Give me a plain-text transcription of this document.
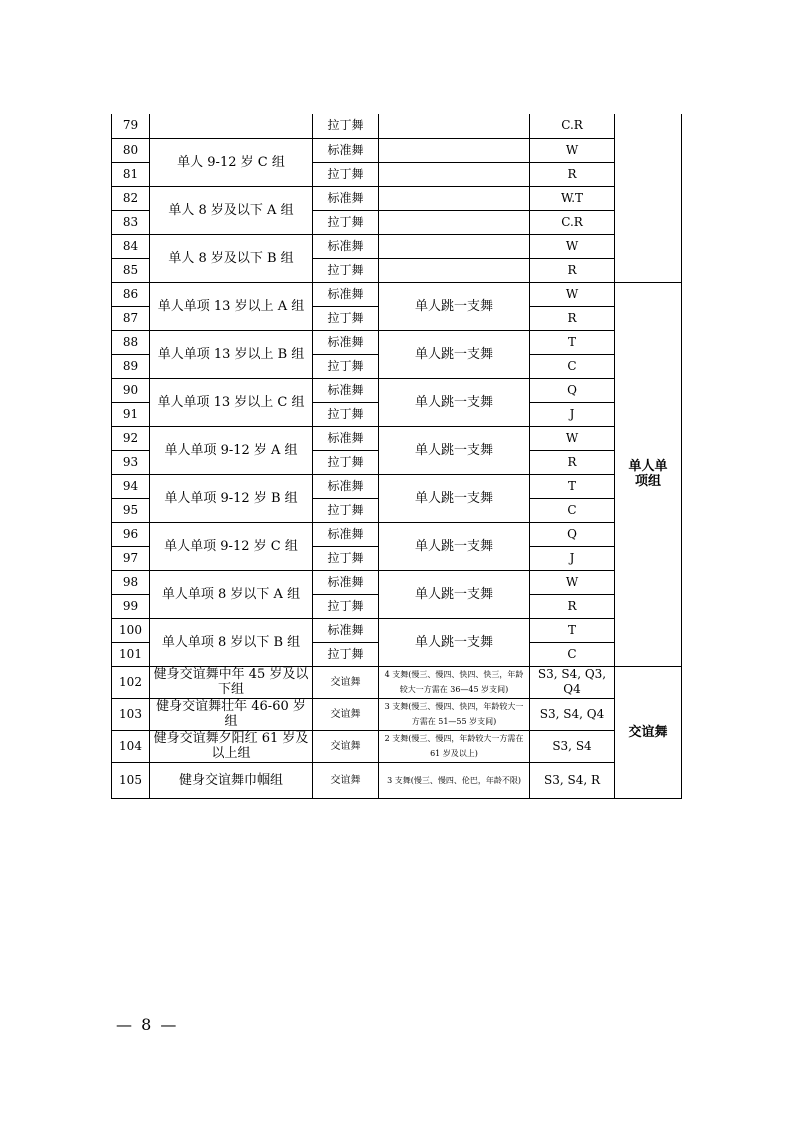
79		拉丁舞		C.R	
80	单人 9-12 岁 C 组	标准舞		W	
81		拉丁舞		R	
82	单人 8 岁及以下 A 组	标准舞		W.T	
83		拉丁舞		C.R	
84	单人 8 岁及以下 B 组	标准舞		W	
85		拉丁舞		R	
86	单人单项 13 岁以上 A 组	标准舞	单人跳一支舞	W	单人单项组
87		拉丁舞		R	
88	单人单项 13 岁以上 B 组	标准舞	单人跳一支舞	T	
89		拉丁舞		C	
90	单人单项 13 岁以上 C 组	标准舞	单人跳一支舞	Q	
91		拉丁舞		J	
92	单人单项 9-12 岁 A 组	标准舞	单人跳一支舞	W	
93		拉丁舞		R	
94	单人单项 9-12 岁 B 组	标准舞	单人跳一支舞	T	
95		拉丁舞		C	
96	单人单项 9-12 岁 C 组	标准舞	单人跳一支舞	Q	
97		拉丁舞		J	
98	单人单项 8 岁以下 A 组	标准舞	单人跳一支舞	W	
99		拉丁舞		R	
100	单人单项 8 岁以下 B 组	标准舞	单人跳一支舞	T	
101		拉丁舞		C	
102	健身交谊舞中年 45 岁及以下组	交谊舞	4 支舞(慢三、慢四、快四、快三，年龄较大一方需在 36—45 岁支间)	S3, S4, Q3, Q4	交谊舞
103	健身交谊舞壮年 46-60 岁组	交谊舞	3 支舞(慢三、慢四、快四，年龄较大一方需在 51—55 岁支间)	S3, S4, Q4	
104	健身交谊舞夕阳红 61 岁及以上组	交谊舞	2 支舞(慢三、慢四，年龄较大一方需在 61 岁及以上)	S3, S4	
105	健身交谊舞巾帼组	交谊舞	3 支舞(慢三、慢四、伦巴，年龄不限)	S3, S4, R	
— 8 —
